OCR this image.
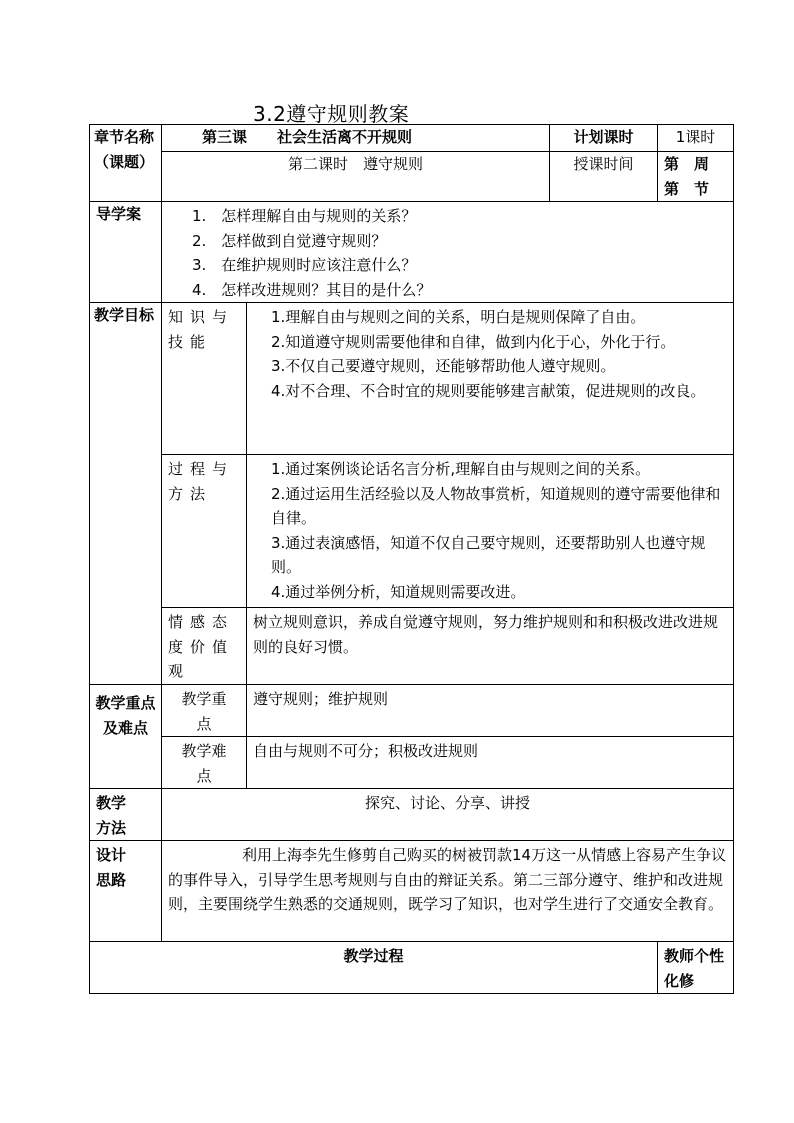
3.2遵守规则教案
章节名称（课题）	第三课　　社会生活离不开规则		计划课时	1课时
	第二课时　遵守规则		授课时间	第　周　第　节
导学案	1.　怎样理解自由与规则的关系？
2.　怎样做到自觉遵守规则？
3.　在维护规则时应该注意什么？
4.　怎样改进规则？其目的是什么？			

教学目标	知识与技能	1.理解自由与规则之间的关系，明白是规则保障了自由。
2.知道遵守规则需要他律和自律，做到内化于心，外化于行。
3.不仅自己要遵守规则，还能够帮助他人遵守规则。
4.对不合理、不合时宜的规则要能够建言献策，促进规则的改良。		

	过程与方法	1.通过案例谈论话名言分析,理解自由与规则之间的关系。
2.通过运用生活经验以及人物故事赏析，知道规则的遵守需要他律和自律。
3.通过表演感悟，知道不仅自己要守规则，还要帮助别人也遵守规则。
4.通过举例分析，知道规则需要改进。		

	情感态度价值观	树立规则意识，养成自觉遵守规则，努力维护规则和和积极改进改进规则的良好习惯。		
教学重点及难点	教学重点	遵守规则；维护规则		
	教学难点	自由与规则不可分；积极改进规则		
教学方法	探究、讨论、分享、讲授			
设计思路	利用上海李先生修剪自己购买的树被罚款14万这一从情感上容易产生争议的事件导入，引导学生思考规则与自由的辩证关系。第二三部分遵守、维护和改进规则，主要围绕学生熟悉的交通规则，既学习了知识，也对学生进行了交通安全教育。			
教学过程				教师个性化修
